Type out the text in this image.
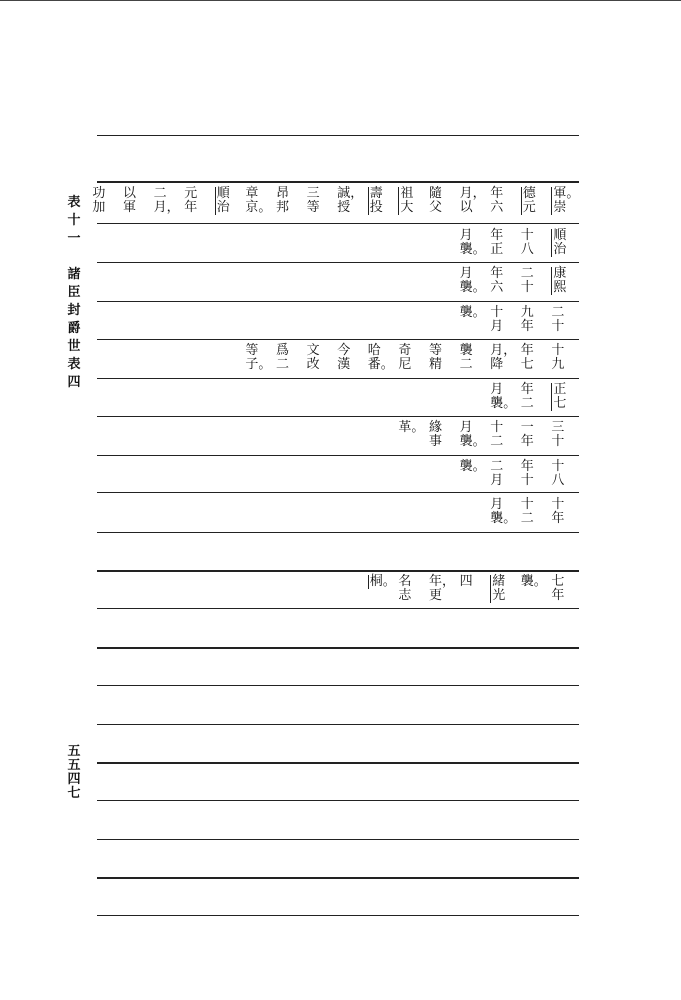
表
十
一

諸
臣
封
爵
世
表
四
五
五
四
七
軍。
崇
德
元
年
六
月，
以
隨
父
祖
大
壽
投
誠，
授
三
等
昂
邦
章
京。
順
治
元
年
二
月，
以
軍
功
加
順
治
十
八
年
正
月
襲。
康
熙
二
十
年
六
月
襲。
二
十
九
年
十
月
襲。
十
九
年
七
月，
降
襲
二
等
精
奇
尼
哈
番。
今
漢
文
改
爲
二
等
子。
正
七
年
二
月
襲。
三
十
一
年
十
二
月
襲。
緣
事
革。
十
八
年
十
二
月
襲。
十
年
十
二
月
襲。
七
年
襲。
緒
光
四
年，
更
名
志
桐。
